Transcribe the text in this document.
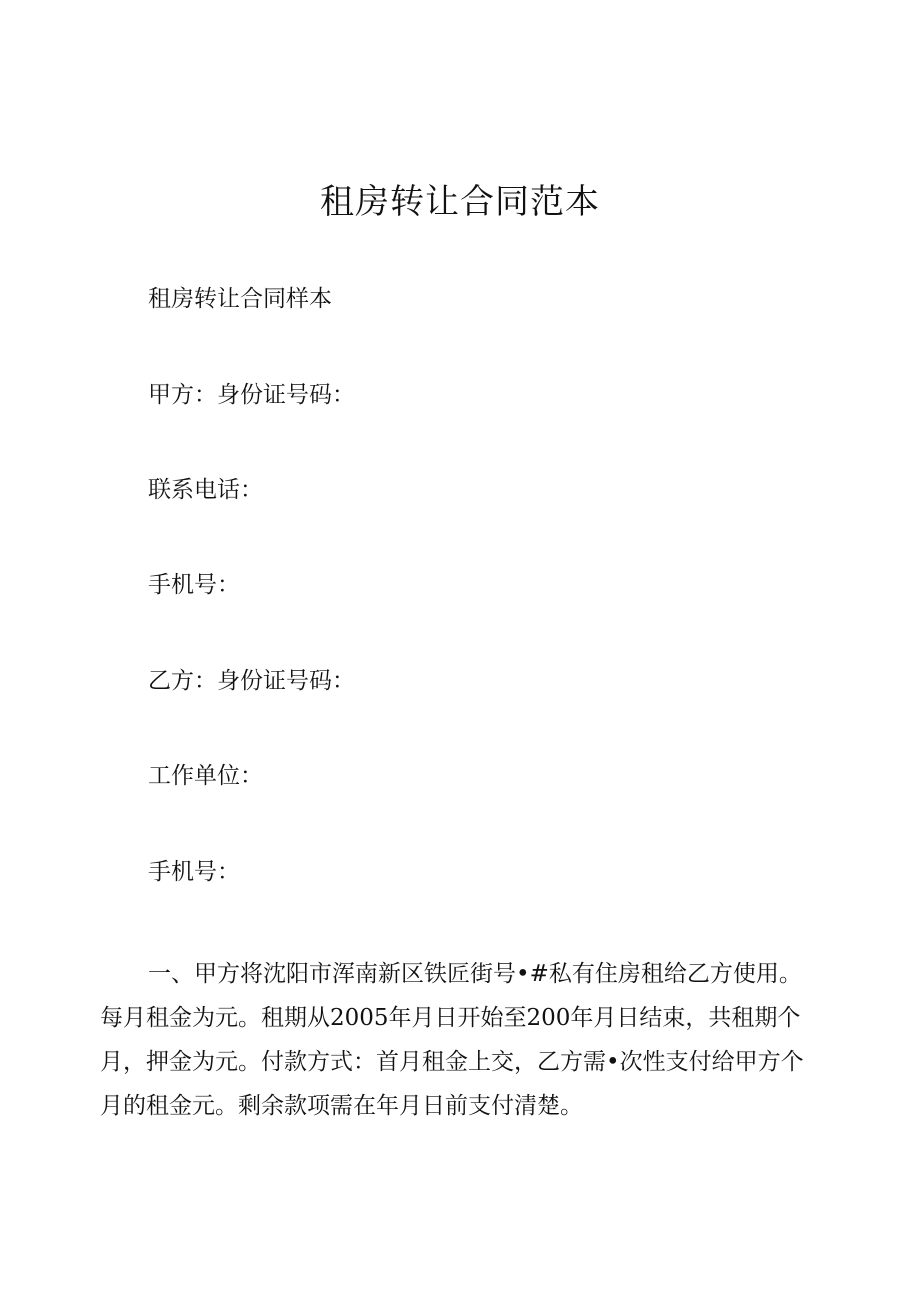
租房转让合同范本

租房转让合同样本

甲方：身份证号码：

联系电话：

手机号：

乙方：身份证号码：

工作单位：

手机号：

一、甲方将沈阳市浑南新区铁匠街号•#私有住房租给乙方使用。
每月租金为元。租期从2005年月日开始至200年月日结束，共租期个
月，押金为元。付款方式：首月租金上交，乙方需•次性支付给甲方个
月的租金元。剩余款项需在年月日前支付清楚。
